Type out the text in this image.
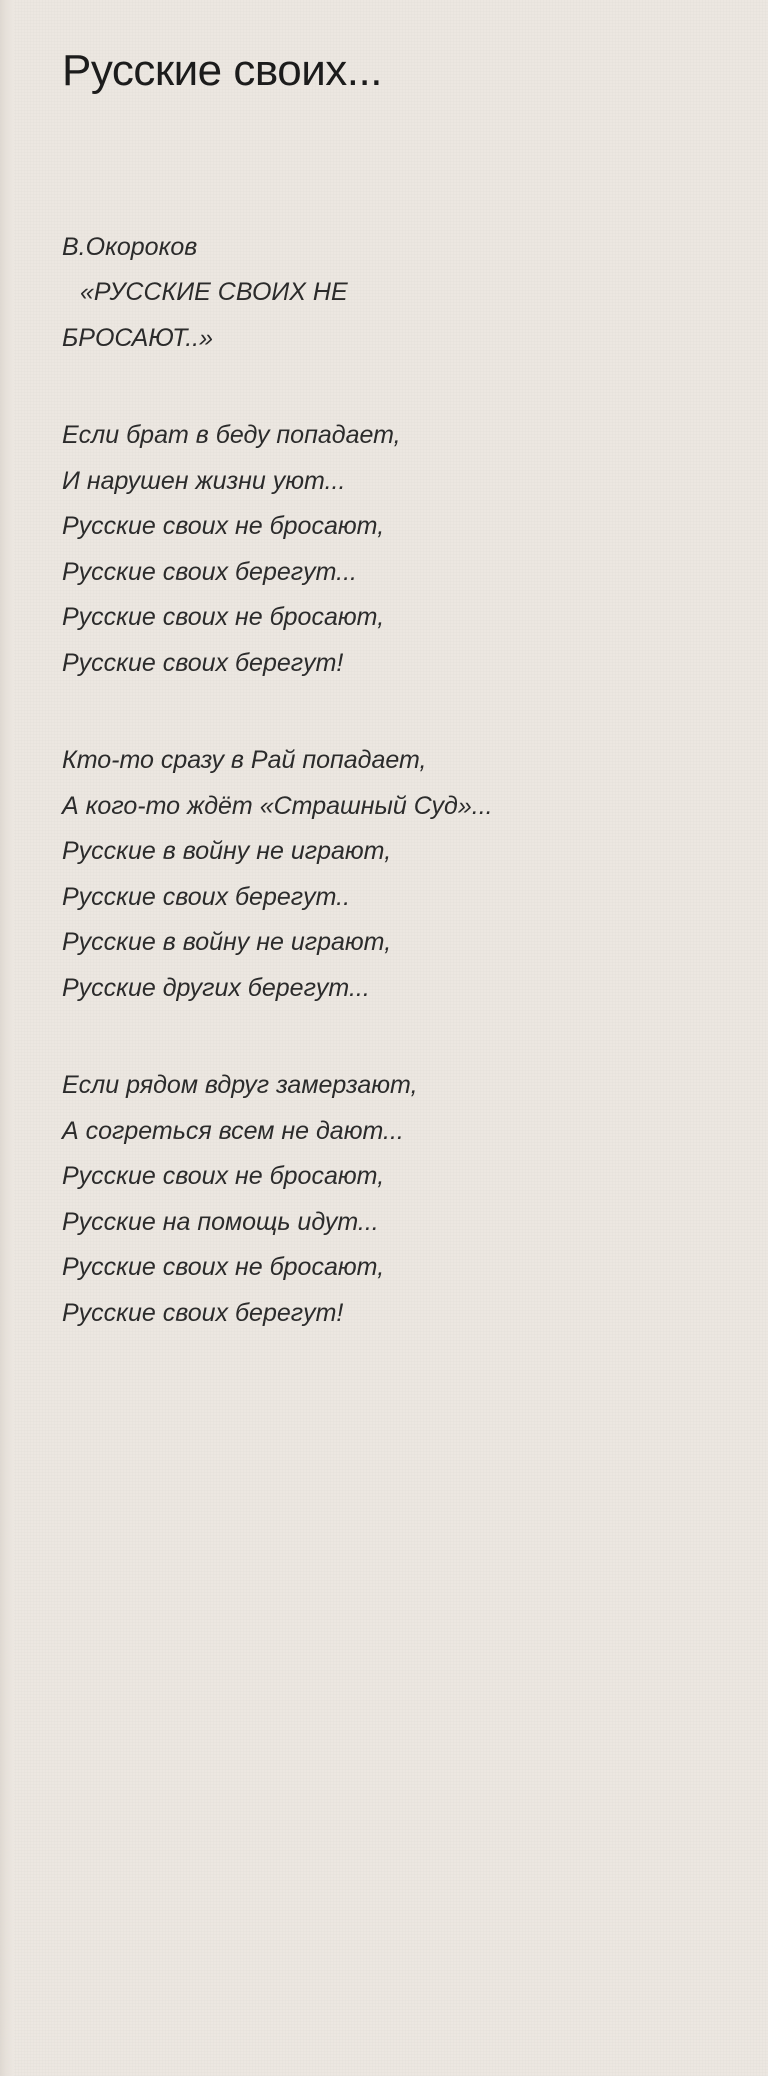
Русские своих...
В.Окороков
«РУССКИЕ СВОИХ НЕ
БРОСАЮТ..»
Если брат в беду попадает,
И нарушен жизни уют...
Русские своих не бросают,
Русские своих берегут...
Русские своих не бросают,
Русские своих берегут!
Кто-то сразу в Рай попадает,
А кого-то ждёт «Страшный Суд»...
Русские в войну не играют,
Русские своих берегут..
Русские в войну не играют,
Русские других берегут...
Если рядом вдруг замерзают,
А согреться всем не дают...
Русские своих не бросают,
Русские на помощь идут...
Русские своих не бросают,
Русские своих берегут!
